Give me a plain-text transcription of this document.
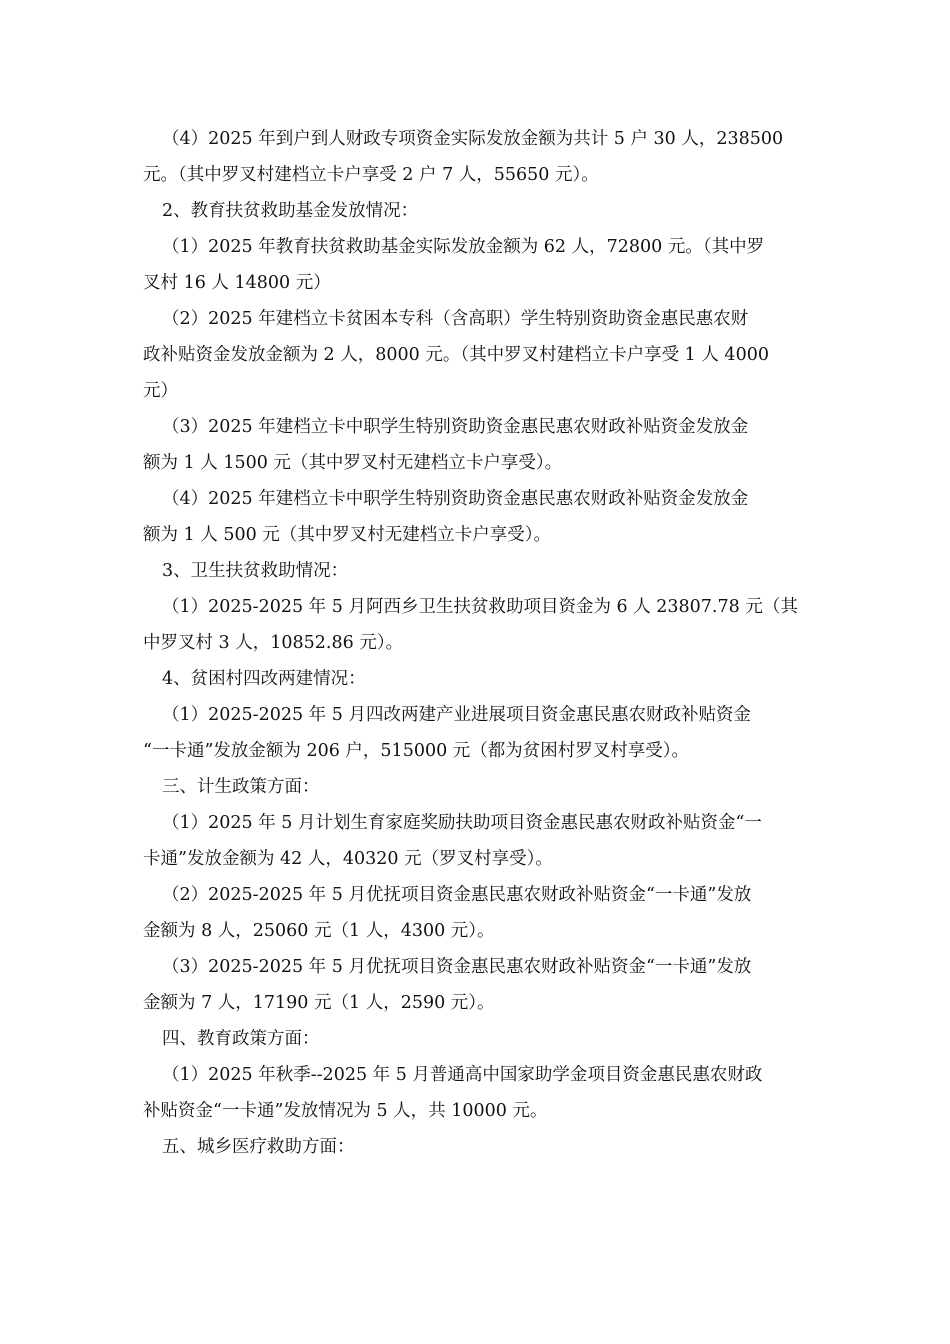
（4）2025 年到户到人财政专项资金实际发放金额为共计 5 户 30 人，238500
元。（其中罗叉村建档立卡户享受 2 户 7 人，55650 元）。

2、教育扶贫救助基金发放情况：

（1）2025 年教育扶贫救助基金实际发放金额为 62 人，72800 元。（其中罗
叉村 16 人 14800 元）

（2）2025 年建档立卡贫困本专科（含高职）学生特别资助资金惠民惠农财
政补贴资金发放金额为 2 人，8000 元。（其中罗叉村建档立卡户享受 1 人 4000
元）

（3）2025 年建档立卡中职学生特别资助资金惠民惠农财政补贴资金发放金
额为 1 人 1500 元（其中罗叉村无建档立卡户享受）。

（4）2025 年建档立卡中职学生特别资助资金惠民惠农财政补贴资金发放金
额为 1 人 500 元（其中罗叉村无建档立卡户享受）。

3、卫生扶贫救助情况：

（1）2025-2025 年 5 月阿西乡卫生扶贫救助项目资金为 6 人 23807.78 元（其
中罗叉村 3 人，10852.86 元）。

4、贫困村四改两建情况：

（1）2025-2025 年 5 月四改两建产业进展项目资金惠民惠农财政补贴资金
“一卡通”发放金额为 206 户，515000 元（都为贫困村罗叉村享受）。

三、计生政策方面：

（1）2025 年 5 月计划生育家庭奖励扶助项目资金惠民惠农财政补贴资金“一
卡通”发放金额为 42 人，40320 元（罗叉村享受）。

（2）2025-2025 年 5 月优抚项目资金惠民惠农财政补贴资金“一卡通”发放
金额为 8 人，25060 元（1 人，4300 元）。

（3）2025-2025 年 5 月优抚项目资金惠民惠农财政补贴资金“一卡通”发放
金额为 7 人，17190 元（1 人，2590 元）。

四、教育政策方面：

（1）2025 年秋季--2025 年 5 月普通高中国家助学金项目资金惠民惠农财政
补贴资金“一卡通”发放情况为 5 人，共 10000 元。

五、城乡医疗救助方面：
